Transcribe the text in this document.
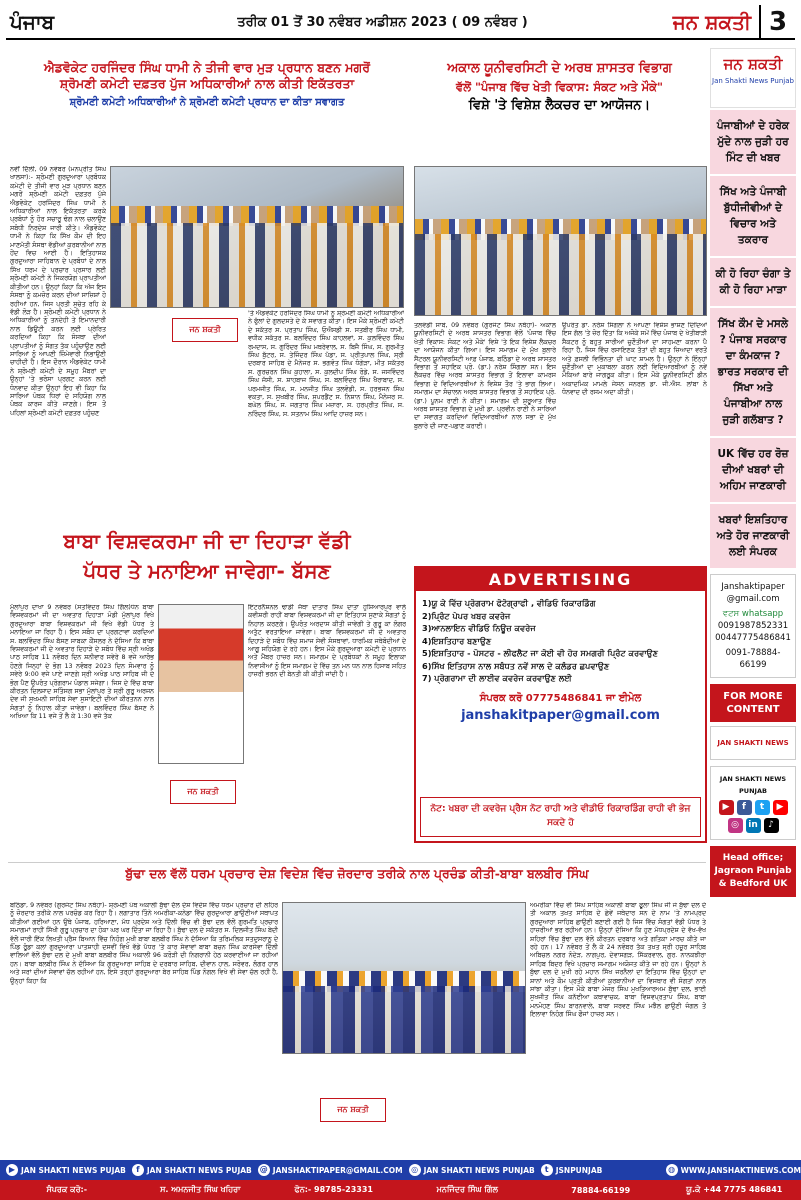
ਪੰਜਾਬ	ਤਰੀਕ 01 ਤੋਂ 30 ਨਵੰਬਰ ਅਡੀਸ਼ਨ 2023 ( 09 ਨਵੰਬਰ )	ਜਨ ਸ਼ਕਤੀ 3
ਐਡਵੋਕੇਟ ਹਰਜਿੰਦਰ ਸਿੰਘ ਧਾਮੀ ਨੇ ਤੀਜੀ ਵਾਰ ਮੁੜ ਪ੍ਰਧਾਨ ਬਣਨ ਮਗਰੋਂ
ਸ਼੍ਰੋਮਣੀ ਕਮੇਟੀ ਦਫ਼ਤਰ ਪੁੱਜ ਅਧਿਕਾਰੀਆਂ ਨਾਲ ਕੀਤੀ ਇਕੱਤਰਤਾ
ਸ਼੍ਰੋਮਣੀ ਕਮੇਟੀ ਅਧਿਕਾਰੀਆਂ ਨੇ ਸ਼੍ਰੋਮਣੀ ਕਮੇਟੀ ਪ੍ਰਧਾਨ ਦਾ ਕੀਤਾ ਸਵਾਗਤ
ਨਵੀਂ ਦਿੱਲੀ, 09 ਨਵੰਬਰ (ਮਨਪ੍ਰੀਤ ਸਿੰਘ ਖਾਲਸਾ):- ਸ਼੍ਰੋਮਣੀ ਗੁਰਦੁਆਰਾ ਪ੍ਰਬੰਧਕ ਕਮੇਟੀ ਦੇ ਤੀਜੀ ਵਾਰ ਮੁੜ ਪ੍ਰਧਾਨ ਬਣਨ ਮਗਰੋਂ ਸ਼੍ਰੋਮਣੀ ਕਮੇਟੀ ਦਫ਼ਤਰ ਪੁੱਜੇ ਐਡਵੋਕੇਟ ਹਰਜਿੰਦਰ ਸਿੰਘ ਧਾਮੀ ਨੇ ਅਧਿਕਾਰੀਆਂ ਨਾਲ ਇਕੱਤਰਤਾ ਕਰਕੇ ਪ੍ਰਬੰਧਾਂ ਨੂੰ ਹੋਰ ਸਚਾਰੂ ਢੰਗ ਨਾਲ ਚਲਾਉਣ ਸਬੰਧੀ ਨਿਰਦੇਸ਼ ਜਾਰੀ ਕੀਤੇ। ਐਡਵੋਕੇਟ ਧਾਮੀ ਨੇ ਕਿਹਾ ਕਿ ਸਿੱਖ ਕੌਮ ਦੀ ਇਹ ਮਾਣਮੱਤੀ ਸੰਸਥਾ ਵੱਡੀਆਂ ਕੁਰਬਾਨੀਆਂ ਨਾਲ ਹੋਂਦ ਵਿਚ ਆਈ ਹੈ। ਇਤਿਹਾਸਕ ਗੁਰਦੁਆਰਾ ਸਾਹਿਬਾਨ ਦੇ ਪ੍ਰਬੰਧਾਂ ਦੇ ਨਾਲ ਸਿੱਖ ਧਰਮ ਦੇ ਪ੍ਰਚਾਰ ਪ੍ਰਸਾਰ ਲਈ ਸ਼੍ਰੋਮਣੀ ਕਮੇਟੀ ਨੇ ਜਿਕਰਯੋਗ ਪ੍ਰਾਪਤੀਆਂ ਕੀਤੀਆਂ ਹਨ। ਉਨ੍ਹਾਂ ਕਿਹਾ ਕਿ ਅੱਜ ਇਸ ਸੰਸਥਾ ਨੂੰ ਕਮਜ਼ੋਰ ਕਰਨ ਦੀਆਂ ਸਾਜ਼ਿਸ਼ਾਂ ਹੋ ਰਹੀਆਂ ਹਨ, ਜਿਸ ਪ੍ਰਤੀ ਸੁਚੇਤ ਰਹਿ ਕੇ ਵੱਡੀ ਲੋੜ ਹੈ। ਸ਼੍ਰੋਮਣੀ ਕਮੇਟੀ ਪ੍ਰਧਾਨ ਨੇ ਅਧਿਕਾਰੀਆਂ ਨੂੰ ਤਨਦੇਹੀ ਤੇ ਇਮਾਨਦਾਰੀ ਨਾਲ ਡਿਊਟੀ ਕਰਨ ਲਈ ਪ੍ਰੇਰਿਤ ਕਰਦਿਆਂ ਕਿਹਾ ਕਿ ਸੰਸਥਾ ਦੀਆਂ ਪ੍ਰਾਪਤੀਆਂ ਨੂੰ ਸੰਗਤ ਤੱਕ ਪਹੁੰਚਾਉਣ ਲਈ ਸਾਰਿਆਂ ਨੂੰ ਆਪਣੀ ਜ਼ਿੰਮੇਵਾਰੀ ਨਿਭਾਉਣੀ ਚਾਹੀਦੀ ਹੈ। ਇਸ ਦੌਰਾਨ ਐਡਵੋਕੇਟ ਧਾਮੀ ਨੇ ਸ਼੍ਰੋਮਣੀ ਕਮੇਟੀ ਦੇ ਸਮੂਹ ਮੈਂਬਰਾਂ ਦਾ ਉਨ੍ਹਾਂ 'ਤੇ ਭਰੋਸਾ ਪ੍ਰਗਟ ਕਰਨ ਲਈ ਧੰਨਵਾਦ ਕੀਤਾ ਉਨ੍ਹਾਂ ਇਹ ਵੀ ਕਿਹਾ ਕਿ ਸਾਰਿਆਂ ਪੰਥਕ ਧਿਰਾਂ ਦੇ ਸਹਿਯੋਗ ਨਾਲ ਪੰਥਕ ਕਾਰਜ ਕੀਤੇ ਜਾਣਗੇ। ਇਸ ਤੋਂ ਪਹਿਲਾਂ ਸ਼੍ਰੋਮਣੀ ਕਮੇਟੀ ਦਫ਼ਤਰ ਪਹੁੰਚਣ
ਜਨ ਸ਼ਕਤੀ
'ਤੇ ਐਡਵੋਕੇਟ ਹਰਜਿੰਦਰ ਸਿੰਘ ਧਾਮੀ ਨੂੰ ਸ਼੍ਰੋਮਣੀ ਕਮੇਟੀ ਅਧਿਕਾਰੀਆਂ ਨੇ ਫੁੱਲਾਂ ਦੇ ਗੁਲਦਸਤੇ ਦੇ ਕੇ ਸਵਾਗਤ ਕੀਤਾ। ਇਸ ਮੌਕੇ ਸ਼੍ਰੋਮਣੀ ਕਮੇਟੀ ਦੇ ਸਕੱਤਰ ਸ. ਪ੍ਰਤਾਪ ਸਿੰਘ, ਓਐਸਡੀ ਸ. ਸਤਬੀਰ ਸਿੰਘ ਧਾਮੀ, ਵਧੀਕ ਸਕੱਤਰ ਸ. ਬਲਵਿੰਦਰ ਸਿੰਘ ਕਾਹਲਵਾਂ, ਸ. ਕੁਲਵਿੰਦਰ ਸਿੰਘ ਰਮਦਾਸ, ਸ. ਗੁਰਿੰਦਰ ਸਿੰਘ ਮਥਰੇਵਾਲ, ਸ. ਬਿਜੈ ਸਿੰਘ, ਸ. ਗੁਰਮੀਤ ਸਿੰਘ ਬੁੱਟਰ, ਸ. ਤੇਜਿੰਦਰ ਸਿੰਘ ਪੱਡਾ, ਸ. ਪ੍ਰੀਤਪਾਲ ਸਿੰਘ, ਸ੍ਰੀ ਦਰਬਾਰ ਸਾਹਿਬ ਦੇ ਮੈਨੇਜਰ ਸ. ਭਗਵੰਤ ਸਿੰਘ ਧੰਗੇੜਾ, ਮੀਤ ਸਕੱਤਰ ਸ. ਗੁਰਚਰਨ ਸਿੰਘ ਕੁਹਾਲਾ, ਸ. ਕੁਲਦੀਪ ਸਿੰਘ ਰੋਡੇ, ਸ. ਜਸਵਿੰਦਰ ਸਿੰਘ ਜੱਸੀ, ਸ. ਸ਼ਾਹਬਾਜ ਸਿੰਘ, ਸ. ਬਲਵਿੰਦਰ ਸਿੰਘ ਖੈਰਾਬਾਦ, ਸ. ਪਰਮਜੀਤ ਸਿੰਘ, ਸ. ਮਨਜੀਤ ਸਿੰਘ ਤਲਵੰਡੀ, ਸ. ਹਰਭਜਨ ਸਿੰਘ ਵਕਤਾ, ਸ. ਸੁਖਬੀਰ ਸਿੰਘ, ਸੁਪਰਡੈਂਟ ਸ. ਨਿਸ਼ਾਨ ਸਿੰਘ, ਮੈਨੇਜਰ ਸ. ਬਘੇਲ ਸਿੰਘ, ਸ. ਜਗਤਾਰ ਸਿੰਘ ਮਜ਼ਾਰਾ, ਸ. ਹਰਪ੍ਰੀਤ ਸਿੰਘ, ਸ. ਨਰਿੰਦਰ ਸਿੰਘ, ਸ. ਸਤਨਾਮ ਸਿੰਘ ਆਦਿ ਹਾਜ਼ਰ ਸਨ।
ਅਕਾਲ ਯੂਨੀਵਰਸਿਟੀ ਦੇ ਅਰਥ ਸ਼ਾਸਤਰ ਵਿਭਾਗ
ਵੱਲੋਂ "ਪੰਜਾਬ ਵਿੱਚ ਖੇਤੀ ਵਿਕਾਸ: ਸੰਕਟ ਅਤੇ ਮੌਕੇ"
ਵਿਸ਼ੇ 'ਤੇ ਵਿਸ਼ੇਸ਼ ਲੈਕਚਰ ਦਾ ਆਯੋਜਨ।
ਤਲਵੰਡੀ ਸਾਬੋ, 09 ਨਵੰਬਰ (ਗੁਰਜੰਟ ਸਿੰਘ ਨਥੇਹਾ)- ਅਕਾਲ ਯੂਨੀਵਰਸਿਟੀ ਦੇ ਅਰਥ ਸ਼ਾਸਤਰ ਵਿਭਾਗ ਵੱਲੋਂ 'ਪੰਜਾਬ ਵਿੱਚ ਖੇਤੀ ਵਿਕਾਸ: ਸੰਕਟ ਅਤੇ ਮੌਕੇ' ਵਿਸ਼ੇ 'ਤੇ ਇਕ ਵਿਸ਼ੇਸ਼ ਲੈਕਚਰ ਦਾ ਆਯੋਜਨ ਕੀਤਾ ਗਿਆ। ਇਸ ਸਮਾਗਮ ਦੇ ਮੁੱਖ ਬੁਲਾਰੇ ਸੈਂਟਰਲ ਯੂਨੀਵਰਸਿਟੀ ਆਫ਼ ਪੰਜਾਬ, ਬਠਿੰਡਾ ਦੇ ਅਰਥ ਸ਼ਾਸਤਰ ਵਿਭਾਗ ਤੋਂ ਸਹਾਇਕ ਪ੍ਰੋ. (ਡਾ.) ਨਰੇਸ਼ ਸਿੰਗਲਾ ਸਨ। ਇਸ ਲੈਕਚਰ ਵਿੱਚ ਅਰਥ ਸ਼ਾਸਤਰ ਵਿਭਾਗ ਤੋਂ ਇਲਾਵਾ ਕਾਮਰਸ ਵਿਭਾਗ ਦੇ ਵਿਦਿਆਰਥੀਆਂ ਨੇ ਵਿਸ਼ੇਸ਼ ਤੌਰ 'ਤੇ ਭਾਗ ਲਿਆ। ਸਮਾਗਮ ਦਾ ਸੰਚਾਲਨ ਅਰਥ ਸ਼ਾਸਤਰ ਵਿਭਾਗ ਤੋਂ ਸਹਾਇਕ ਪ੍ਰੋ. (ਡਾ.) ਪੂਨਮ ਰਾਣੀ ਨੇ ਕੀਤਾ। ਸਮਾਗਮ ਦੀ ਸ਼ੁਰੂਆਤ ਵਿੱਚ ਅਰਥ ਸ਼ਾਸਤਰ ਵਿਭਾਗ ਦੇ ਮੁਖੀ ਡਾ. ਪ੍ਰਵੀਨ ਰਾਣੀ ਨੇ ਸਾਰਿਆਂ ਦਾ ਸਵਾਗਤ ਕਰਦਿਆਂ ਵਿਦਿਆਰਥੀਆਂ ਨਾਲ ਸਭਾ ਦੇ ਮੁੱਖ ਬੁਲਾਰੇ ਦੀ ਜਾਣ-ਪਛਾਣ ਕਰਾਈ।
ਉਪਰੰਤ ਡਾ. ਨਰੇਸ਼ ਸਿੰਗਲਾ ਨੇ ਆਪਣਾ ਵਿਸ਼ੇਸ਼ ਭਾਸ਼ਣ ਦਿੰਦਿਆਂ ਇਸ ਗੱਲ 'ਤੇ ਜ਼ੋਰ ਦਿੱਤਾ ਕਿ ਅਜੋਕੇ ਸਮੇਂ ਵਿੱਚ ਪੰਜਾਬ ਦੇ ਖੇਤੀਬਾੜੀ ਸੈਕਟਰ ਨੂੰ ਬਹੁਤ ਸਾਰੀਆਂ ਚੁਣੌਤੀਆਂ ਦਾ ਸਾਹਮਣਾ ਕਰਨਾ ਪੈ ਰਿਹਾ ਹੈ, ਜਿਸ ਵਿੱਚ ਰਸਾਇਣਕ ਤੱਤਾਂ ਦੀ ਬਹੁਤ ਜ਼ਿਆਦਾ ਵਰਤੋਂ ਅਤੇ ਫ਼ਸਲੀ ਵਿਭਿੰਨਤਾ ਦੀ ਘਾਟ ਸ਼ਾਮਲ ਹੈ। ਉਨ੍ਹਾਂ ਨੇ ਇੰਨ੍ਹਾਂ ਚੁਣੌਤੀਆਂ ਦਾ ਮੁਕਾਬਲਾ ਕਰਨ ਲਈ ਵਿਦਿਆਰਥੀਆਂ ਨੂੰ ਨਵੇਂ ਮੌਕਿਆਂ ਬਾਰੇ ਜਾਗਰੂਕ ਕੀਤਾ। ਇਸ ਮੌਕੇ ਯੂਨੀਵਰਸਿਟੀ ਡੀਨ ਅਕਾਦਮਿਕ ਮਾਮਲੇ ਜੇਸਨ ਜਨਰਲ ਡਾ. ਜੀ.ਐਸ. ਲਾਂਬਾ ਨੇ ਧੰਨਵਾਦ ਦੀ ਰਸਮ ਅਦਾ ਕੀਤੀ।
ਬਾਬਾ ਵਿਸ਼ਵਕਰਮਾ ਜੀ ਦਾ ਦਿਹਾੜਾ ਵੱਡੀ
ਪੱਧਰ ਤੇ ਮਨਾਇਆ ਜਾਵੇਗਾ- ਬੱਸਣ
ਮੁੱਲਾਂਪੁਰ ਦਾਖਾ 9 ਨਵੰਬਰ (ਸਤਵਿੰਦਰ ਸਿੰਘ ਗਿੱਲ)ਧੰਨ ਬਾਬਾ ਵਿਸ਼ਵਕਰਮਾਂ ਜੀ ਦਾ ਅਵਤਾਰ ਦਿਹਾੜਾ ਮੰਡੀ ਮੁੱਲਾਂਪੁਰ ਵਿਖੇ ਗੁਰਦੁਆਰਾ ਬਾਬਾ ਵਿਸ਼ਵਕਰਮਾਂ ਜੀ ਵਿਖੇ ਵੱਡੀ ਪੱਧਰ ਤੇ ਮਨਾਇਆ ਜਾ ਰਿਹਾ ਹੈ। ਇਸ ਸਬੰਧ ਦਾ ਪ੍ਰਗਟਾਵਾ ਕਰਦਿਆਂ ਸ. ਬਲਵਿੰਦਰ ਸਿੰਘ ਬੱਸਣ ਸਾਬਕਾ ਕੌਂਸਲਰ ਨੇ ਦੱਸਿਆ ਕਿ ਬਾਬਾ ਵਿਸ਼ਵਕਰਮਾਂ ਜੀ ਦੇ ਅਵਤਾਰ ਦਿਹਾੜੇ ਦੇ ਸਬੰਧ ਵਿੱਚ ਸ੍ਰੀ ਅਖੰਡ ਪਾਠ ਸਾਹਿਬ 11 ਨਵੰਬਰ ਦਿਨ ਸ਼ਨੀਵਾਰ ਸਵੇਰੇ 8 ਵਜੇ ਆਰੰਭ ਹੋਣਗੇ ਜਿਨ੍ਹਾਂ ਦੇ ਭੋਗ 13 ਨਵੰਬਰ 2023 ਦਿਨ ਸੋਮਵਾਰ ਨੂੰ ਸਵੇਰੇ 9:00 ਵਜੇ ਪਾਏ ਜਾਣਗੇ ਸ੍ਰੀ ਅਖੰਡ ਪਾਠ ਸਾਹਿਬ ਜੀ ਦੇ ਭੋਗ ਪੈਣ ਉਪਰੰਤ ਪ੍ਰੋਗਰਾਮ ਪੰਡਾਲ ਸਜੇਗਾ। ਜਿਸ ਦੇ ਵਿੱਚ ਬਾਬਾ ਕੀਰਤਨ ਦਿਲਸ਼ਾਦ ਸਤਿੰਸਗ ਸਭਾ ਮੁੱਲਾਂਪੁਰ ਤੇ ਸ੍ਰੀ ਗੁਰੂ ਅਰਜਨ ਦੇਵ ਜੀ ਸੁਖਮਨੀ ਸਾਹਿਬ ਸੇਵਾ ਸੁਸਾਇਟੀ ਦੀਆਂ ਕੀਰਤਨਨ ਨਾਲ ਸੰਗਤਾਂ ਨੂੰ ਨਿਹਾਲ ਕੀਤਾ ਜਾਵੇਗਾ। ਬਲਵਿੰਦਰ ਸਿੰਘ ਬੱਸਣ ਨੇ ਅਖਿਆ ਕਿ 11 ਵਜੇ ਤੋਂ ਲੈ ਕੇ 1:30 ਵਜੇ ਤੱਕ
ਜਨ ਸ਼ਕਤੀ
ਇੰਟਰਨੈਸ਼ਨਲ ਢਾਡੀ ਜੱਥਾ ਦਾਤਾਰ ਸਿੰਘ ਦਾਤਾ ਹੁਸ਼ਿਆਰਪੁਰ ਵਾਲੇ ਕਵੀਸ਼ਰੀ ਰਾਹੀਂ ਬਾਬਾ ਵਿਸ਼ਵਕਰਮਾਂ ਜੀ ਦਾ ਇਤਿਹਾਸ ਸੁਣਾਕੇ ਸੰਗਤਾਂ ਨੂੰ ਨਿਹਾਲ ਕਰਣਗੇ। ਉਪਰੰਤ ਅਰਦਾਸ ਕੀਤੀ ਜਾਵੇਗੀ ਤੇ ਗੁਰੂ ਕਾ ਲੰਗਰ ਅਤੁੱਟ ਵਰਤਾਇਆ ਜਾਵੇਗਾ। ਬਾਬਾ ਵਿਸ਼ਵਕਰਮਾਂ ਜੀ ਦੇ ਅਵਤਾਰ ਦਿਹਾੜੇ ਦੇ ਸਬੰਧ ਵਿੱਚ ਸਮਾਜ ਸੇਵੀ ਸੰਸਥਾਵਾਂ, ਧਾਰਮਿਕ ਜਥੇਬੰਦੀਆਂ ਦੇ ਆਗੂ ਸਹਿਯੋਗ ਦੇ ਰਹੇ ਹਨ। ਇਸ ਮੌਕੇ ਗੁਰਦੁਆਰਾ ਕਮੇਟੀ ਦੇ ਪ੍ਰਧਾਨ ਅਤੇ ਮੈਂਬਰ ਹਾਜ਼ਰ ਸਨ। ਸਮਾਗਮ ਦੇ ਪ੍ਰਬੰਧਕਾਂ ਨੇ ਸਮੂਹ ਇਲਾਕਾ ਨਿਵਾਸੀਆਂ ਨੂੰ ਇਸ ਸਮਾਗਮ ਦੇ ਵਿੱਚ ਤਨ ਮਨ ਧਨ ਨਾਲ ਹਿਸਾਬ ਸਹਿਤ ਹਾਜ਼ਰੀ ਭਰਨ ਦੀ ਬੇਨਤੀ ਕੀ ਕੀਤੀ ਜਾਂਦੀ ਹੈ।
ADVERTISING
1)ਯੂ ਕੇ ਵਿੱਚ ਪ੍ਰੋਗਰਾਮ ਫੋਟੋਗ੍ਰਾਫੀ , ਵੀਡਿਓ ਰਿਕਾਰਡਿੰਗ
2)ਪ੍ਰਿੰਟ ਪੇਪਰ ਖਬਰ ਕਵਰੇਜ
3)ਆਨਲਾਇਨ ਵੀਡਿਓ ਨਿਊਜ਼ ਕਵਰੇਜ
4)ਇਸ਼ਤਿਹਾਰ ਬਣਾਉਣ
5)ਇਸ਼ਤਿਹਾਰ - ਪੋਸਟਰ - ਲੀਫਲੈਟ ਜਾ ਕੋਈ ਵੀ ਹੋਰ ਸਮਗਰੀ ਪ੍ਰਿੰਟ ਕਰਵਾਉਣ
6)ਸਿੱਖ ਇਤਿਹਾਸ ਨਾਲ ਸਬੰਧਤ ਨਵੇਂ ਸਾਲ ਦੇ ਕਲੰਡਰ ਛਪਵਾਉਣ
7) ਪ੍ਰੋਗਰਾਮਾ ਦੀ ਲਾਈਵ ਕਵਰੇਜ ਕਰਵਾਉਣ ਲਈ
ਸੰਪਰਕ ਕਰੋ 07775486841 ਜਾ ਈਮੇਲ
janshakitpaper@gmail.com
ਨੋਟ: ਖਬਰਾ ਦੀ ਕਵਰੇਜ ਪ੍ਰੈਸ ਨੋਟ ਰਾਹੀ ਅਤੇ ਵੀਡੀਓ ਰਿਕਾਰਡਿੰਗ ਰਾਹੀ ਵੀ ਭੇਜ ਸਕਦੇ ਹੋ
ਬੁੱਢਾ ਦਲ ਵੱਲੋਂ ਧਰਮ ਪ੍ਰਚਾਰ ਦੇਸ਼ ਵਿਦੇਸ਼ ਵਿੱਚ ਜ਼ੋਰਦਾਰ ਤਰੀਕੇ ਨਾਲ ਪ੍ਰਚੰਡ ਕੀਤੀ-ਬਾਬਾ ਬਲਬੀਰ ਸਿੰਘ
ਬਠਿੰਡਾ, 9 ਨਵੰਬਰ (ਗੁਰਜੰਟ ਸਿੰਘ ਨਥੇਹਾ)- ਸ਼੍ਰੋਮਣੀ ਪੰਥ ਅਕਾਲੀ ਬੁੱਢਾ ਦੱਲ ਦੇਸ਼ ਵਿਦੇਸ਼ ਵਿੱਚ ਧਰਮ ਪ੍ਰਚਾਰ ਦੀ ਲਹਿਰ ਨੂੰ ਜ਼ੋਰਦਾਰ ਤਰੀਕੇ ਨਾਲ ਪਰਚੰਡ ਕਰ ਰਿਹਾ ਹੈ। ਲਗਾਤਾਰ ਤਿੰਨੇ ਅਮਰੀਕਾ-ਕਨੇਡਾ ਵਿੱਚ ਗੁਰਦੁਆਰਾ ਛਾਉਣੀਆਂ ਸਥਾਪਤ ਕੀਤੀਆਂ ਗਈਆਂ ਹਨ ਉਥੇ ਪੰਜਾਬ, ਹਰਿਆਣਾ, ਮੱਧ ਪ੍ਰਦੇਸ਼ ਅਤੇ ਦਿੱਲੀ ਵਿੱਚ ਵੀ ਬੁੱਢਾ ਦਲ ਵੱਲੋਂ ਗੁਰਮਤਿ ਪ੍ਰਚਾਰ ਸਮਾਗਮਾਂ ਰਾਹੀਂ ਸਿੱਖੀ ਗੁਰੂ ਪ੍ਰਚਾਰ ਦਾ ਹੋਕਾ ਘਰ ਘਰ ਦਿੱਤਾ ਜਾ ਰਿਹਾ ਹੈ। ਬੁੱਢਾ ਦਲ ਦੇ ਸਕੱਤਰ ਸ. ਦਿਲਜੀਤ ਸਿੰਘ ਬੇਦੀ ਵੱਲੋਂ ਜਾਰੀ ਇੱਕ ਲਿਖਤੀ ਪ੍ਰੈਸ ਬਿਆਨ ਵਿੱਚ ਨਿਹੰਗ ਮੁਖੀ ਬਾਬਾ ਬਲਬੀਰ ਸਿੰਘ ਨੇ ਦੱਸਿਆ ਕਿ ਤਰਿਮਲਿਕ ਸਤਦੁਸਰਾਨੂ ਦੇ ਪਿੰਡ ਰੂੰਡਾ ਕਲਾਂ ਗੁਰਦੁਆਰਾ ਪਾਤਸ਼ਾਹੀ ਦਸਵੀਂ ਵਿਖੇ ਵੱਡੇ ਪੱਧਰ 'ਤੇ ਕਾਰ ਸੇਵਾਵਾਂ ਬਾਬਾ ਬਚਨ ਸਿੰਘ ਕਾਰਸੇਵਾ ਦਿੱਲੀ ਵਾਲਿਆਂ ਵੱਲੋਂ ਬੁੱਢਾ ਦਲ ਦੇ ਮੁਖੀ ਬਾਬਾ ਬਲਬੀਰ ਸਿੰਘ ਅਕਾਲੀ 96 ਕਰੋੜੀ ਦੀ ਨਿਗਰਾਨੀ ਹੇਠ ਕਰਵਾਈਆਂ ਜਾ ਰਹੀਆਂ ਹਨ। ਬਾਬਾ ਬਲਬੀਰ ਸਿੰਘ ਨੇ ਦੱਸਿਆ ਕਿ ਗੁਰਦੁਆਰਾ ਸਾਹਿਬ ਦੇ ਦਰਬਾਰ ਸਾਹਿਬ, ਦੀਵਾਨ ਹਾਲ, ਸਰੋਵਰ, ਲੰਗਰ ਹਾਲ ਅਤੇ ਸਰਾਂ ਦੀਆਂ ਸੇਵਾਵਾਂ ਚੱਲ ਰਹੀਆਂ ਹਨ, ਇਸੇ ਤਰ੍ਹਾਂ ਗੁਰਦੁਆਰਾ ਬੇਰ ਸਾਹਿਬ ਪਿੰਡ ਨੰਗਲ ਵਿਖੇ ਵੀ ਸੇਵਾ ਚੱਲ ਰਹੀ ਹੈ, ਉਨ੍ਹਾਂ ਕਿਹਾ ਕਿ
ਜਨ ਸ਼ਕਤੀ
ਅਮਰੀਕਾ ਵਿੱਚ ਵੀ ਸਿੰਘ ਸਾਹਿਬ ਅਕਾਲੀ ਬਾਬਾ ਫੂਲਾ ਸਿੰਘ ਜੀ ਜੋ ਬੁੱਢਾ ਦਲ ਦੇ ਤੀ ਅਕਾਲ ਤਖ਼ਤ ਸਾਹਿਬ ਦੇ ਛੇਵੇਂ ਜਥੇਦਾਰ ਸਨ ਦੇ ਨਾਮ 'ਤੇ ਨਾਮਪ੍ਰਦ ਗੁਰਦੁਆਰਾ ਸਾਹਿਬ ਛਾਉਣੀ ਬਣਾਈ ਗਈ ਹੈ ਜਿਸ ਵਿੱਚ ਸੰਗਤਾਂ ਵੱਡੀ ਪੱਧਰ ਤੇ ਹਾਜ਼ਰੀਆਂ ਭਰ ਰਹੀਆਂ ਹਨ। ਉਨ੍ਹਾਂ ਦੱਸਿਆ ਕਿ ਹੁਣ ਮੱਧਪ੍ਰਦੇਸ਼ ਦੇ ਵੱਖ-ਵੱਖ ਸ਼ਹਿਰਾਂ ਵਿੱਚ ਬੁੱਢਾ ਦਲ ਵੱਲੋਂ ਕੀਰਤਨ ਦਰਬਾਰ ਅਤੇ ਗਤਿਕਾ ਮਾਰਚ ਕੀਤੇ ਜਾ ਰਹੇ ਹਨ। 17 ਨਵੰਬਰ ਤੋਂ ਲੈ ਕੇ 24 ਨਵੰਬਰ ਤੱਕ ਤਖ਼ਤ ਸ੍ਰੀ ਹਜ਼ੂਰ ਸਾਹਿਬ ਅਬਿਚਲ ਨਗਰ ਨੰਦੇੜ, ਨਾਗਪੁਰ, ਦੇਵਾਸਗੜ, ਸਿੱਕਰਵਾਲ, ਗੁਰ. ਨਾਨਕਝੀਰਾ ਸਾਹਿਬ ਬਿਦਰ ਵਿਖੇ ਪ੍ਰਚਾਰ ਸਮਾਗਮ ਅਯੋਜਤ ਕੀਤੇ ਜਾ ਰਹੇ ਹਨ। ਉਨ੍ਹਾਂ ਨੇ ਬੁੱਢਾ ਦਲ ਦੇ ਮੁਖੀ ਰਹੇ ਮਹਾਨ ਸਿੱਖ ਜਰਨੈਲਾਂ ਦਾ ਇਤਿਹਾਸ ਵਿੱਚ ਉਨ੍ਹਾਂ ਦਾ ਸ਼ਾਨਾਂ ਅਤੇ ਕੌਮ ਪ੍ਰਤੀ ਕੀਤੀਆਂ ਕੁਰਬਾਨੀਆਂ ਦਾ ਵਿਸਥਾਰ ਵੀ ਸੰਗਤਾਂ ਨਾਲ ਸਾਂਝਾ ਕੀਤਾ। ਇਸ ਮੌਕੇ ਬਾਬਾ ਮੇਜਰ ਸਿੰਘ ਮੁਖਤਿਆਰਅਮ ਬੁੱਢਾ ਦਲ, ਭਾਈ ਸੁਖਜੀਤ ਸਿੰਘ ਕਨੱਈਆ ਕਥਾਵਾਚਕ, ਬਾਬਾ ਵਿਸ਼ਵਪ੍ਰਤਾਪ ਸਿੰਘ, ਬਾਬਾ ਮਨਮੋਹਣ ਸਿੰਘ ਬਾਰਨਵਾਲੇ, ਬਾਬਾ ਸਰਵਣ ਸਿੰਘ ਮਝੈਲ ਛਾਉਣੀ ਜੰਗਲ ਤੋਂ ਇਲਾਵਾ ਨਿਹੰਗ ਸਿੰਘ ਫੌਜਾਂ ਹਾਜ਼ਰ ਸਨ।
ਜਨ ਸ਼ਕਤੀ
Jan Shakti News Punjab
ਪੰਜਾਬੀਆਂ ਦੇ ਹਰੇਕ ਮੁੱਦੇ ਨਾਲ ਜੁੜੀ ਹਰ ਮਿੰਟ ਦੀ ਖਬਰ
ਸਿੱਖ ਅਤੇ ਪੰਜਾਬੀ ਬੁੱਧੀਜੀਵੀਆਂ ਦੇ ਵਿਚਾਰ ਅਤੇ ਤਕਰਾਰ
ਕੀ ਹੋ ਰਿਹਾ ਚੰਗਾ ਤੇ ਕੀ ਹੋ ਰਿਹਾ ਮਾੜਾ
ਸਿੱਖ ਕੌਮ ਦੇ ਮਸਲੇ ? ਪੰਜਾਬ ਸਰਕਾਰ ਦਾ ਕੰਮਕਾਜ ? ਭਾਰਤ ਸਰਕਾਰ ਦੀ ਸਿੱਖਾ ਅਤੇ ਪੰਜਾਬੀਆ ਨਾਲ ਜੁੜੀ ਗਲੱਬਾਤ ?
UK ਵਿੱਚ ਹਰ ਰੋਜ਼ ਦੀਆਂ ਖਬਰਾਂ ਦੀ ਅਹਿਮ ਜਾਣਕਾਰੀ
ਖਬਰਾਂ ਇਸ਼ਤਿਹਾਰ ਅਤੇ ਹੋਰ ਜਾਣਕਾਰੀ ਲਈ ਸੰਪਰਕ
Janshaktipaper @gmail.com
ਵਟਸ whatsapp
0091987852331
00447775486841
0091-78884-66199
FOR MORE CONTENT
JAN SHAKTI NEWS
JAN SHAKTI NEWS PUNJAB
▶	f	t	▶
◎	in	♪
Head office; Jagraon Punjab & Bedford UK
▶ JAN SHAKTI NEWS PUJAB	f JAN SHAKTI NEWS PUJAB @ JANSHAKTIPAPER@GMAIL.COM	◎ JAN SHAKTI NEWS PUNJAB	t JSNPUNJAB	◍ WWW.JANSHAKTINEWS.COM
ਸੰਪਰਕ ਕਰੋ:-	ਸ. ਅਮਨਜੀਤ ਸਿੰਘ ਖਹਿਰਾ	ਫੋਨ:- 98785-23331	ਮਨਜਿੰਦਰ ਸਿੰਘ ਗਿੱਲ	78884-66199	ਯੂ.ਕੇ +44 7775 486841
